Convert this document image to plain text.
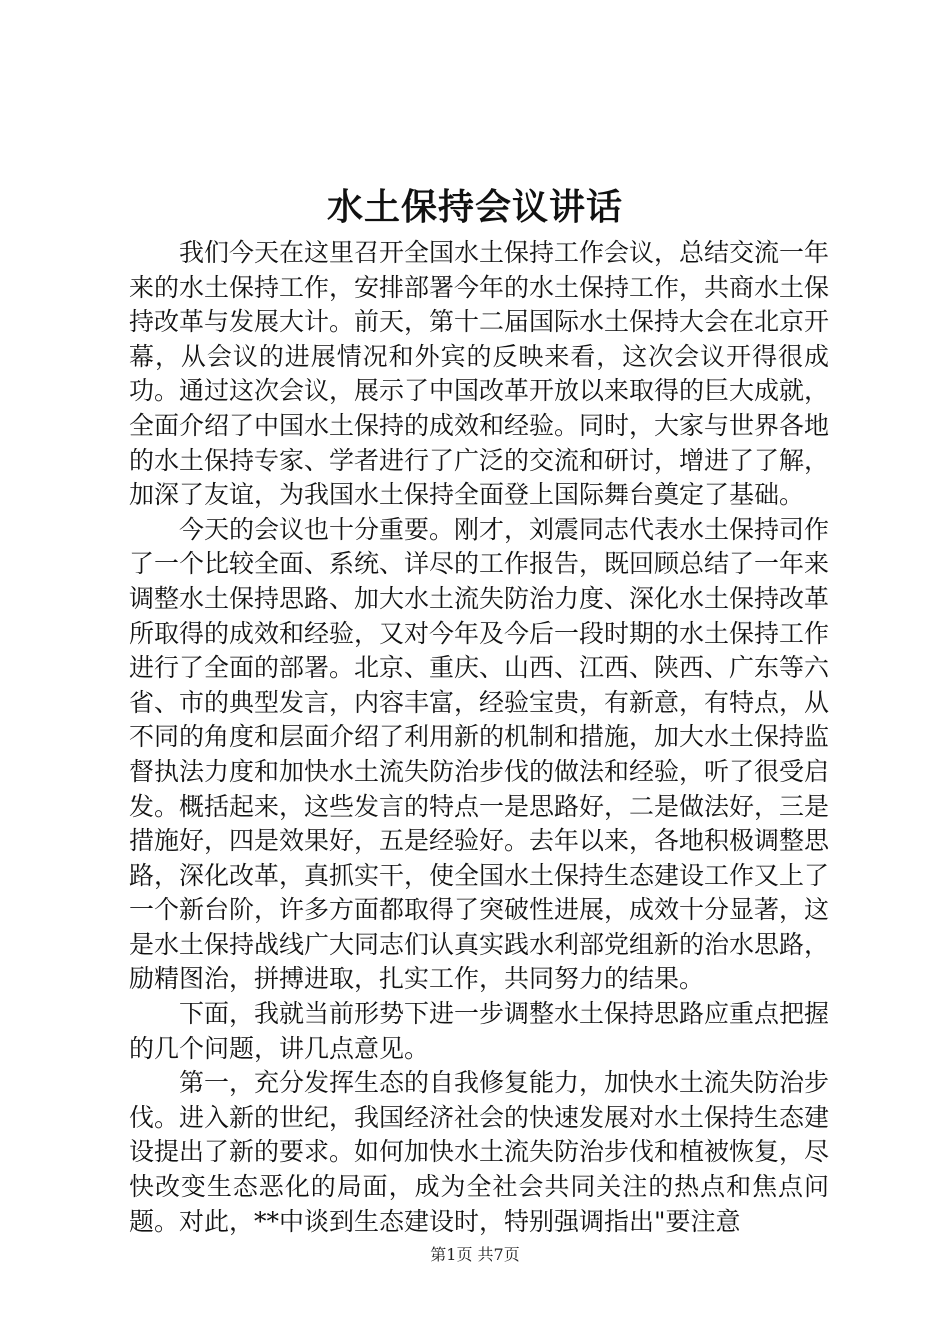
水土保持会议讲话

我们今天在这里召开全国水土保持工作会议，总结交流一年来的水土保持工作，安排部署今年的水土保持工作，共商水土保持改革与发展大计。前天，第十二届国际水土保持大会在北京开幕，从会议的进展情况和外宾的反映来看，这次会议开得很成功。通过这次会议，展示了中国改革开放以来取得的巨大成就，全面介绍了中国水土保持的成效和经验。同时，大家与世界各地的水土保持专家、学者进行了广泛的交流和研讨，增进了了解，加深了友谊，为我国水土保持全面登上国际舞台奠定了基础。

今天的会议也十分重要。刚才，刘震同志代表水土保持司作了一个比较全面、系统、详尽的工作报告，既回顾总结了一年来调整水土保持思路、加大水土流失防治力度、深化水土保持改革所取得的成效和经验，又对今年及今后一段时期的水土保持工作进行了全面的部署。北京、重庆、山西、江西、陕西、广东等六省、市的典型发言，内容丰富，经验宝贵，有新意，有特点，从不同的角度和层面介绍了利用新的机制和措施，加大水土保持监督执法力度和加快水土流失防治步伐的做法和经验，听了很受启发。概括起来，这些发言的特点一是思路好，二是做法好，三是措施好，四是效果好，五是经验好。去年以来，各地积极调整思路，深化改革，真抓实干，使全国水土保持生态建设工作又上了一个新台阶，许多方面都取得了突破性进展，成效十分显著，这是水土保持战线广大同志们认真实践水利部党组新的治水思路，励精图治，拼搏进取，扎实工作，共同努力的结果。

下面，我就当前形势下进一步调整水土保持思路应重点把握的几个问题，讲几点意见。

第一，充分发挥生态的自我修复能力，加快水土流失防治步伐。进入新的世纪，我国经济社会的快速发展对水土保持生态建设提出了新的要求。如何加快水土流失防治步伐和植被恢复，尽快改变生态恶化的局面，成为全社会共同关注的热点和焦点问题。对此，**中谈到生态建设时，特别强调指出"要注意

第1页 共7页
